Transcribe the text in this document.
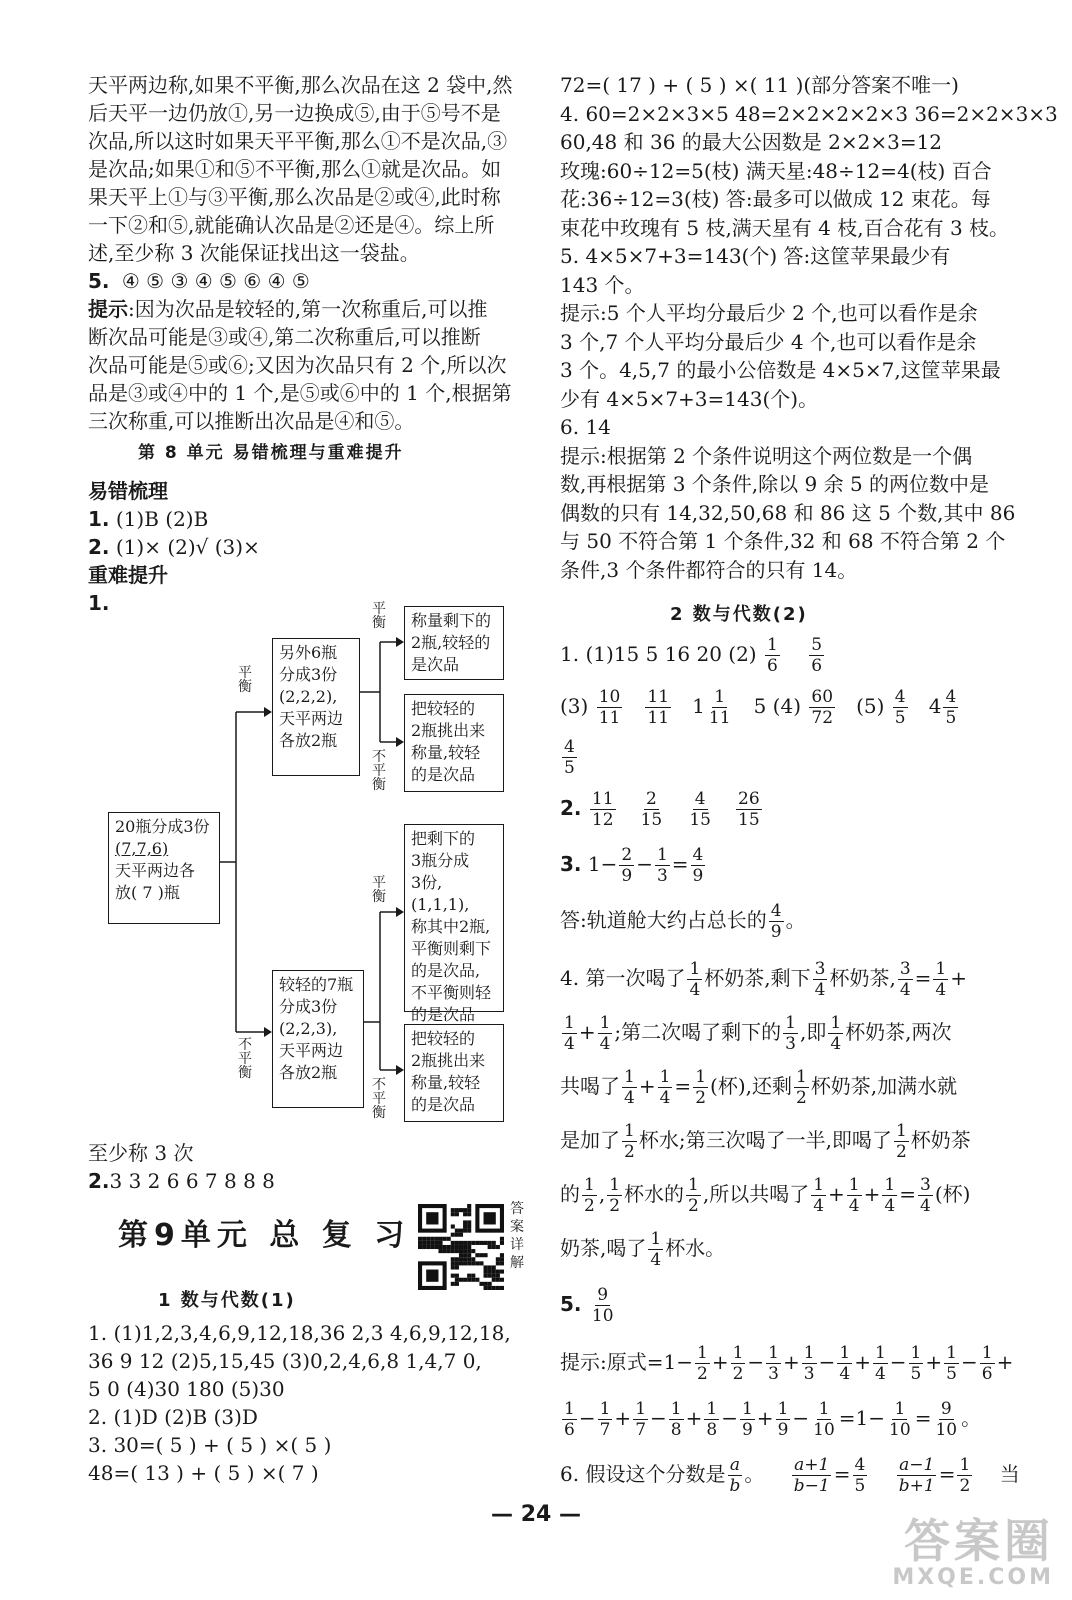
天平两边称,如果不平衡,那么次品在这 2 袋中,然
后天平一边仍放①,另一边换成⑤,由于⑤号不是
次品,所以这时如果天平平衡,那么①不是次品,③
是次品;如果①和⑤不平衡,那么①就是次品。如
果天平上①与③平衡,那么次品是②或④,此时称
一下②和⑤,就能确认次品是②还是④。综上所
述,至少称 3 次能保证找出这一袋盐。
5. ④ ⑤ ③ ④ ⑤ ⑥ ④ ⑤
提示:因为次品是较轻的,第一次称重后,可以推
断次品可能是③或④,第二次称重后,可以推断
次品可能是⑤或⑥;又因为次品只有 2 个,所以次
品是③或④中的 1 个,是⑤或⑥中的 1 个,根据第
三次称重,可以推断出次品是④和⑤。
第 8 单元 易错梳理与重难提升
易错梳理
1. (1)B (2)B
2. (1)× (2)√ (3)×
重难提升
1.
20瓶分成3份
(7,7,6)
天平两边各
放( 7 )瓶
平衡
不平衡
另外6瓶
分成3份
(2,2,2),
天平两边
各放2瓶
较轻的7瓶
分成3份
(2,2,3),
天平两边
各放2瓶
平衡
不平衡
平衡
不平衡
称量剩下的
2瓶,较轻的
是次品
把较轻的
2瓶挑出来
称量,较轻
的是次品
把剩下的
3瓶分成
3份,(1,1,1),
称其中2瓶,
平衡则剩下
的是次品,
不平衡则轻
的是次品
把较轻的
2瓶挑出来
称量,较轻
的是次品
至少称 3 次
2.3 3 2 6 6 7 8 8 8
第9单元 总 复 习
答
案
详
解
1 数与代数(1)
1. (1)1,2,3,4,6,9,12,18,36 2,3 4,6,9,12,18,
36 9 12 (2)5,15,45 (3)0,2,4,6,8 1,4,7 0,
5 0 (4)30 180 (5)30
2. (1)D (2)B (3)D
3. 30=( 5 ) + ( 5 ) ×( 5 )
48=( 13 ) + ( 5 ) ×( 7 )
72=( 17 ) + ( 5 ) ×( 11 )(部分答案不唯一)
4. 60=2×2×3×5 48=2×2×2×2×3 36=2×2×3×3
60,48 和 36 的最大公因数是 2×2×3=12
玫瑰:60÷12=5(枝) 满天星:48÷12=4(枝) 百合
花:36÷12=3(枝) 答:最多可以做成 12 束花。每
束花中玫瑰有 5 枝,满天星有 4 枝,百合花有 3 枝。
5. 4×5×7+3=143(个) 答:这筐苹果最少有
143 个。
提示:5 个人平均分最后少 2 个,也可以看作是余
3 个,7 个人平均分最后少 4 个,也可以看作是余
3 个。4,5,7 的最小公倍数是 4×5×7,这筐苹果最
少有 4×5×7+3=143(个)。
6. 14
提示:根据第 2 个条件说明这个两位数是一个偶
数,再根据第 3 个条件,除以 9 余 5 的两位数中是
偶数的只有 14,32,50,68 和 86 这 5 个数,其中 86
与 50 不符合第 1 个条件,32 和 68 不符合第 2 个
条件,3 个条件都符合的只有 14。
2 数与代数(2)
1. (1)15 5 16 20 $(2) \frac{1}{6}$
$\frac{5}{6}$
$(3) \frac{10}{11}$
$\frac{11}{11} 1 \frac{1}{11} 5$ $(4) \frac{60}{72} (5) \frac{4}{5} 4 \frac{4}{5}$
$\frac{4}{5}$
2. $\frac{11}{12}$
$\frac{2}{15}$
$\frac{4}{15}$
$\frac{26}{15}$
3. $1- \frac{2}{9} - \frac{1}{3} = \frac{4}{9}$
答:轨道舱大约占总长的 $\frac{4}{9}$ 。
4. 第一次喝了 $\frac{1}{4}$ 杯奶茶,剩下 $\frac{3}{4}$ 杯奶茶, $\frac{3}{4} = \frac{1}{4}$ +
$\frac{1}{4} + \frac{1}{4}$ ;第二次喝了剩下的 $\frac{1}{3}$ ,即 $\frac{1}{4}$ 杯奶茶,两次
共喝了 $\frac{1}{4} + \frac{1}{4} = \frac{1}{2}$ (杯),还剩 $\frac{1}{2}$ 杯奶茶,加满水就
是加了 $\frac{1}{2}$ 杯水;第三次喝了一半,即喝了 $\frac{1}{2}$ 杯奶茶
的 $\frac{1}{2}$ , $\frac{1}{2}$ 杯水的 $\frac{1}{2}$ ,所以共喝了 $\frac{1}{4} + \frac{1}{4} + \frac{1}{4} = \frac{3}{4}$ (杯)
奶茶,喝了 $\frac{1}{4}$ 杯水。
5. $\frac{9}{10}$
提示:原式$=1- \frac{1}{2} + \frac{1}{2} - \frac{1}{3} + \frac{1}{3} - \frac{1}{4} + \frac{1}{4} - \frac{1}{5} + \frac{1}{5} - \frac{1}{6}$ +
$\frac{1}{6} - \frac{1}{7} + \frac{1}{7} - \frac{1}{8} + \frac{1}{8} - \frac{1}{9} + \frac{1}{9} - \frac{1}{10} =1- \frac{1}{10} = \frac{9}{10}$ 。
6. 假设这个分数是 $\frac{a}{b}$ 。 $\frac{a+1}{b-1} = \frac{4}{5}$
$\frac{a-1}{b+1} = \frac{1}{2}$ 当
— 24 —	答案圈
MXQE.COM
